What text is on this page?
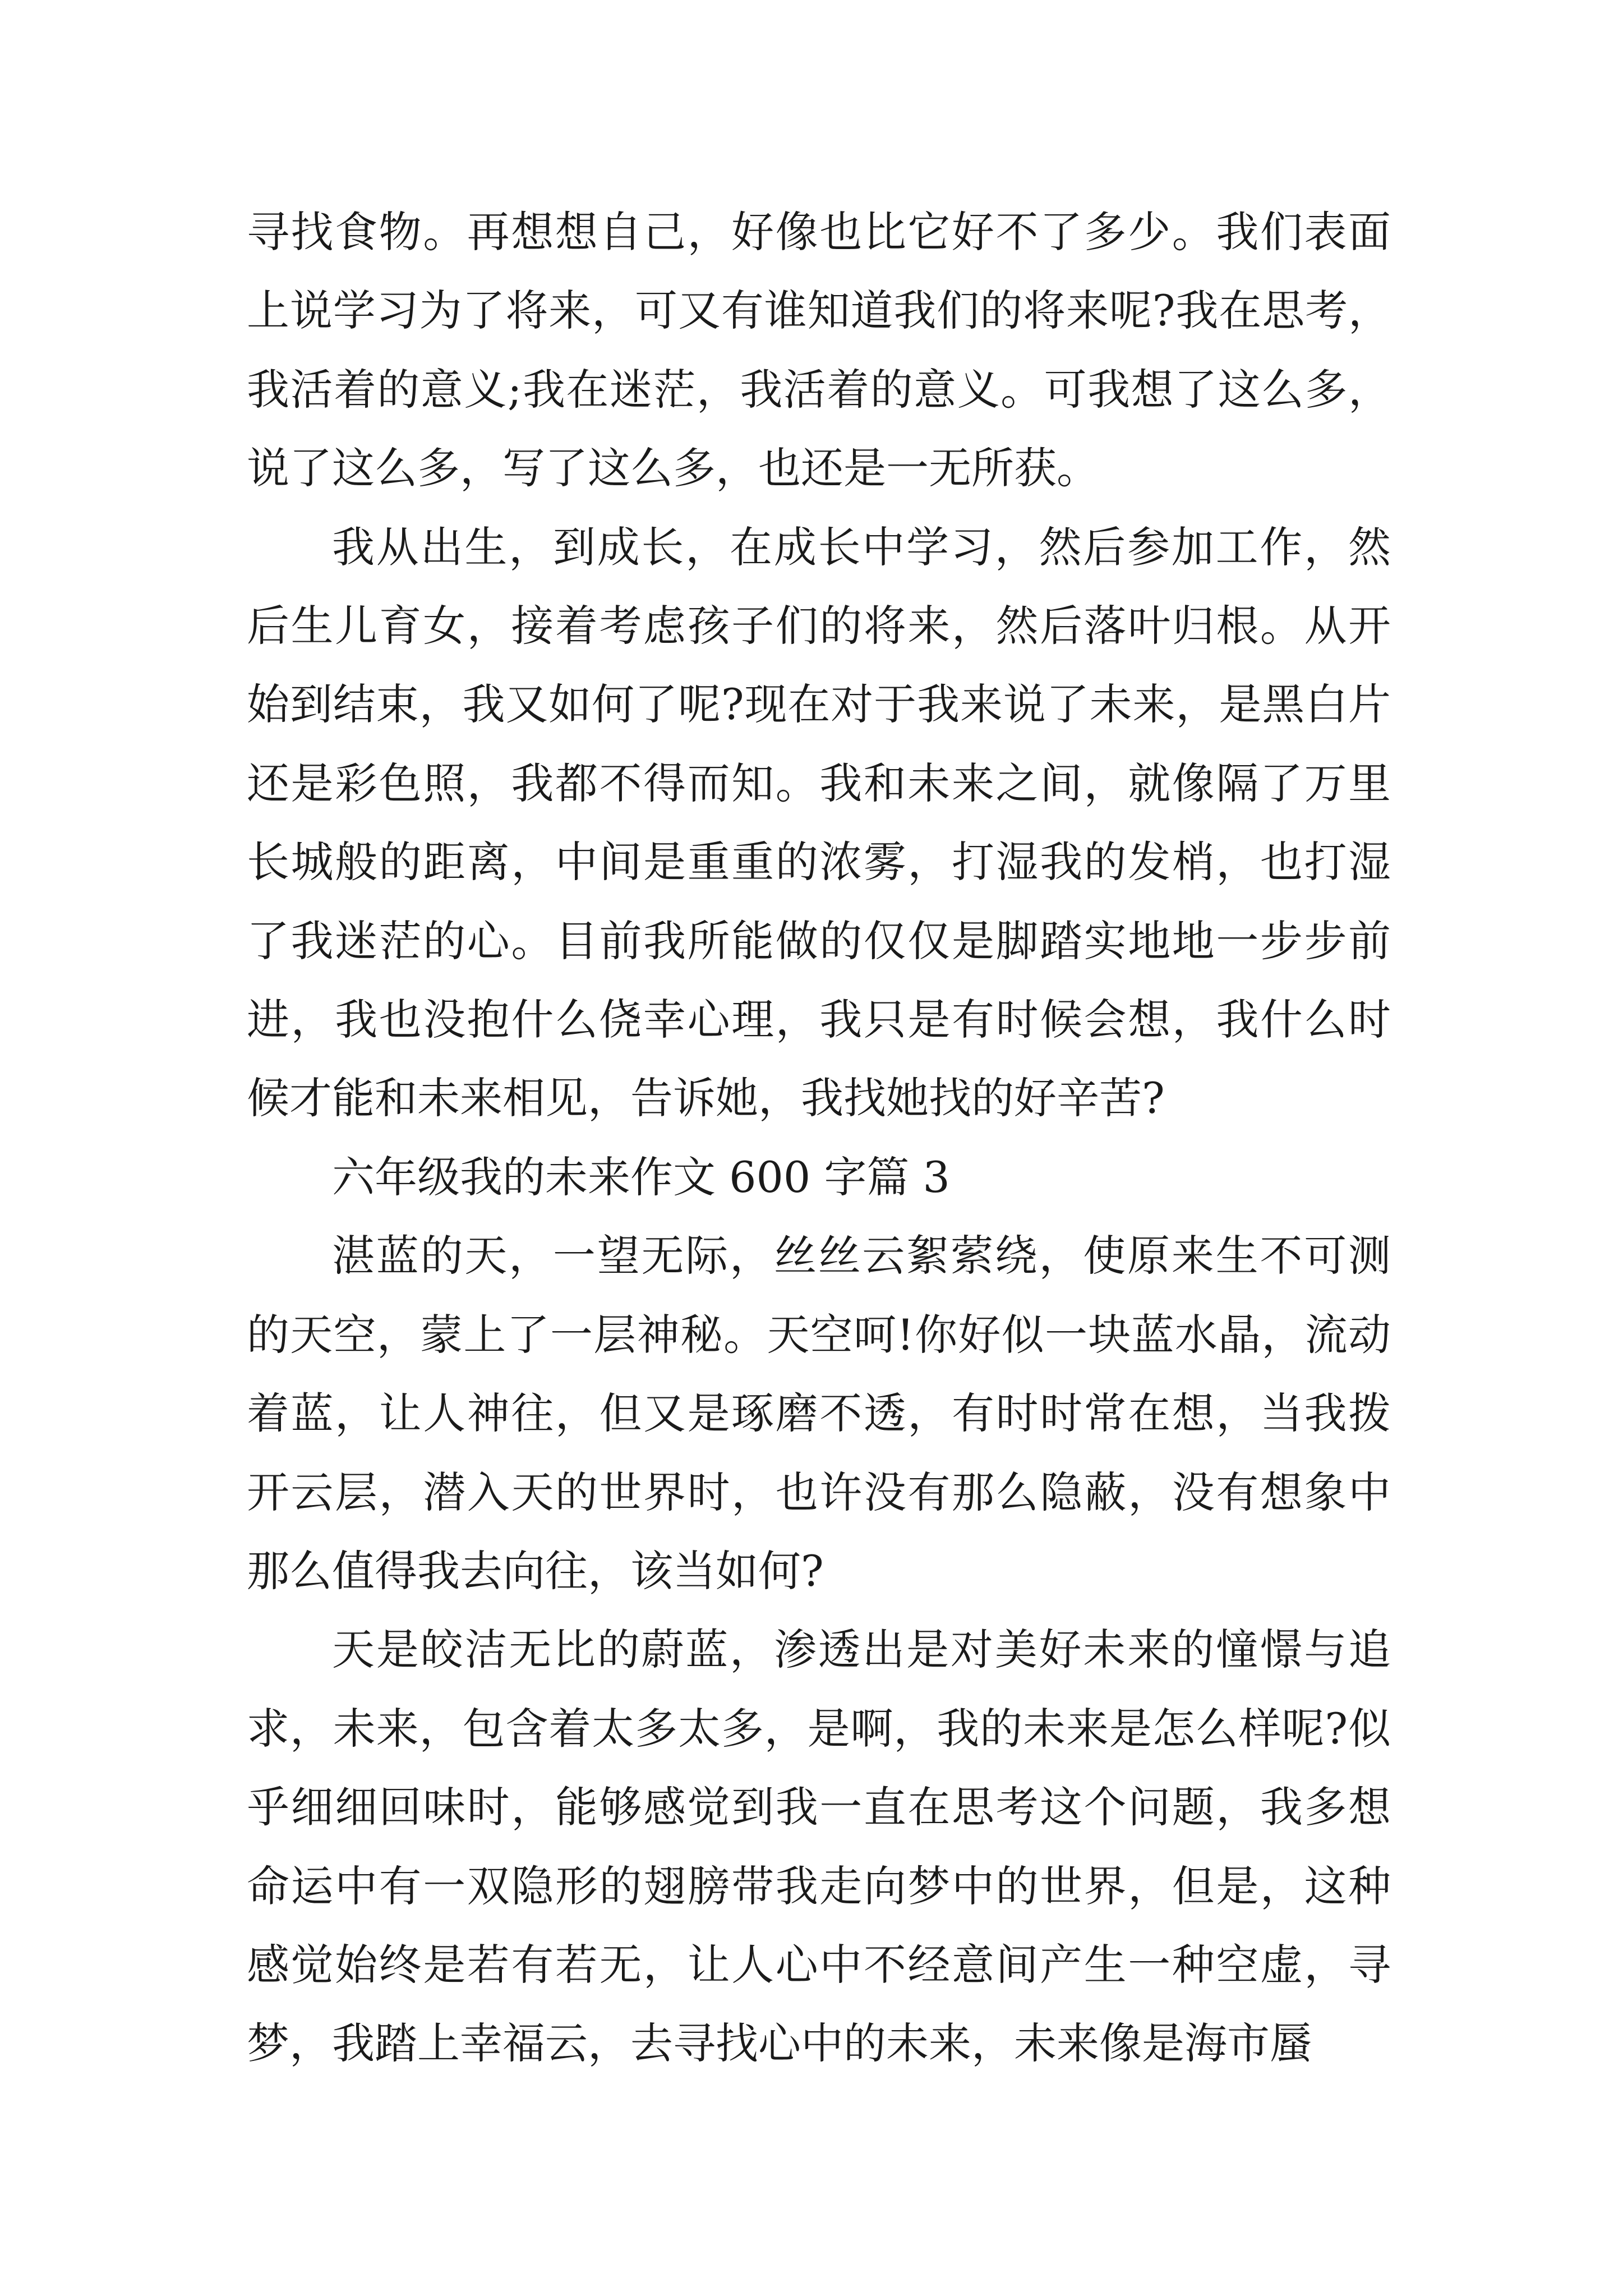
寻找食物。再想想自己，好像也比它好不了多少。我们表面上说学习为了将来，可又有谁知道我们的将来呢?我在思考，我活着的意义;我在迷茫，我活着的意义。可我想了这么多，说了这么多，写了这么多，也还是一无所获。

我从出生，到成长，在成长中学习，然后参加工作，然后生儿育女，接着考虑孩子们的将来，然后落叶归根。从开始到结束，我又如何了呢?现在对于我来说了未来，是黑白片还是彩色照，我都不得而知。我和未来之间，就像隔了万里长城般的距离，中间是重重的浓雾，打湿我的发梢，也打湿了我迷茫的心。目前我所能做的仅仅是脚踏实地地一步步前进，我也没抱什么侥幸心理，我只是有时候会想，我什么时候才能和未来相见，告诉她，我找她找的好辛苦?

六年级我的未来作文 600 字篇 3

湛蓝的天，一望无际，丝丝云絮萦绕，使原来生不可测的天空，蒙上了一层神秘。天空呵!你好似一块蓝水晶，流动着蓝，让人神往，但又是琢磨不透，有时时常在想，当我拨开云层，潜入天的世界时，也许没有那么隐蔽，没有想象中那么值得我去向往，该当如何?

天是皎洁无比的蔚蓝，渗透出是对美好未来的憧憬与追求，未来，包含着太多太多，是啊，我的未来是怎么样呢?似乎细细回味时，能够感觉到我一直在思考这个问题，我多想命运中有一双隐形的翅膀带我走向梦中的世界，但是，这种感觉始终是若有若无，让人心中不经意间产生一种空虚，寻梦，我踏上幸福云，去寻找心中的未来，未来像是海市蜃
